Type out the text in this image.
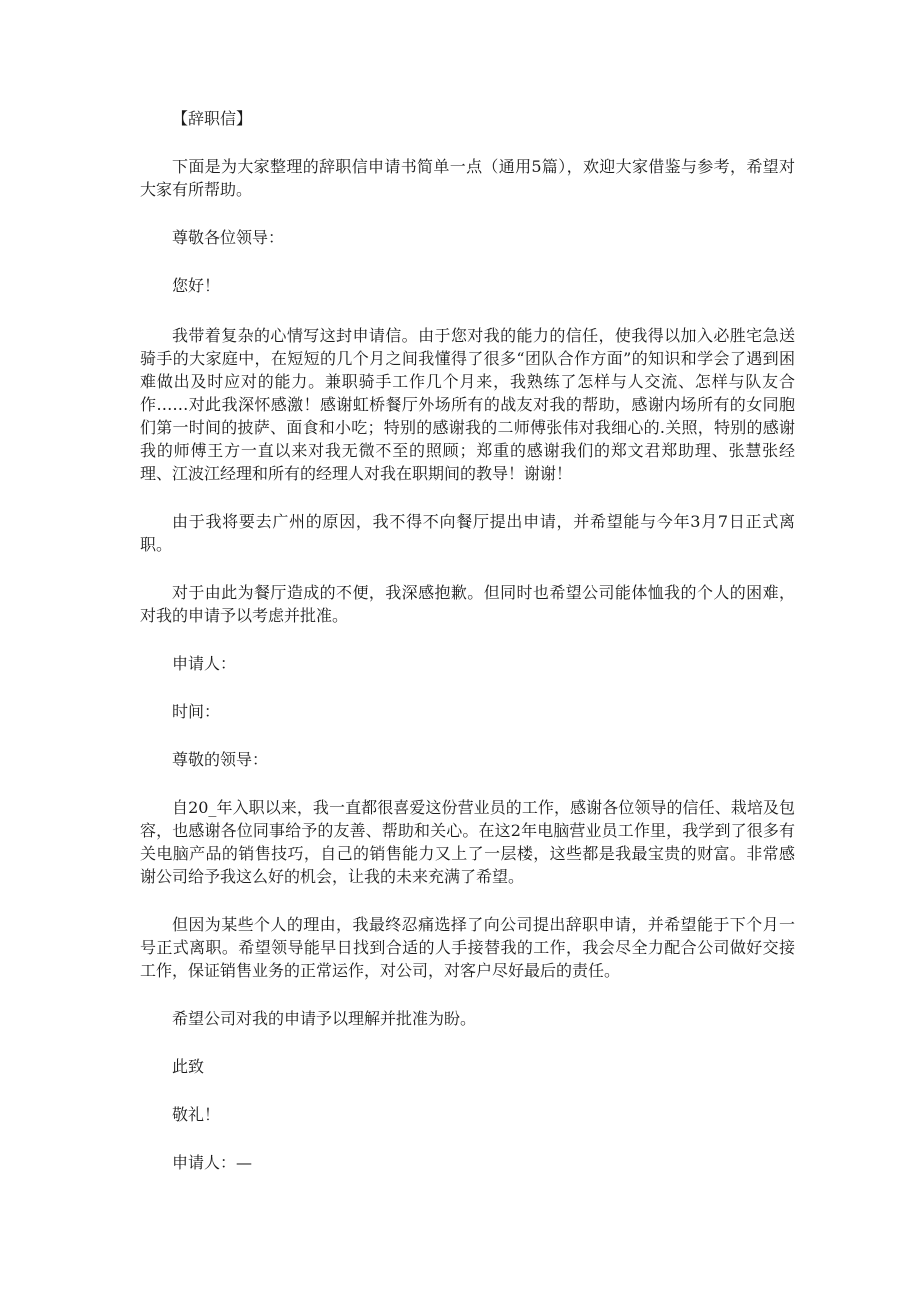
【辞职信】

下面是为大家整理的辞职信申请书简单一点（通用5篇），欢迎大家借鉴与参考，希望对大家有所帮助。

尊敬各位领导：

您好！

我带着复杂的心情写这封申请信。由于您对我的能力的信任，使我得以加入必胜宅急送骑手的大家庭中，在短短的几个月之间我懂得了很多“团队合作方面”的知识和学会了遇到困难做出及时应对的能力。兼职骑手工作几个月来，我熟练了怎样与人交流、怎样与队友合作……对此我深怀感激！感谢虹桥餐厅外场所有的战友对我的帮助，感谢内场所有的女同胞们第一时间的披萨、面食和小吃；特别的感谢我的二师傅张伟对我细心的.关照，特别的感谢我的师傅王方一直以来对我无微不至的照顾；郑重的感谢我们的郑文君郑助理、张慧张经理、江波江经理和所有的经理人对我在职期间的教导！谢谢！

由于我将要去广州的原因，我不得不向餐厅提出申请，并希望能与今年3月7日正式离职。

对于由此为餐厅造成的不便，我深感抱歉。但同时也希望公司能体恤我的个人的困难，对我的申请予以考虑并批准。

申请人：

时间：

尊敬的领导：

自20_年入职以来，我一直都很喜爱这份营业员的工作，感谢各位领导的信任、栽培及包容，也感谢各位同事给予的友善、帮助和关心。在这2年电脑营业员工作里，我学到了很多有关电脑产品的销售技巧，自己的销售能力又上了一层楼，这些都是我最宝贵的财富。非常感谢公司给予我这么好的机会，让我的未来充满了希望。

但因为某些个人的理由，我最终忍痛选择了向公司提出辞职申请，并希望能于下个月一号正式离职。希望领导能早日找到合适的人手接替我的工作，我会尽全力配合公司做好交接工作，保证销售业务的正常运作，对公司，对客户尽好最后的责任。

希望公司对我的申请予以理解并批准为盼。

此致

敬礼！

申请人：—
